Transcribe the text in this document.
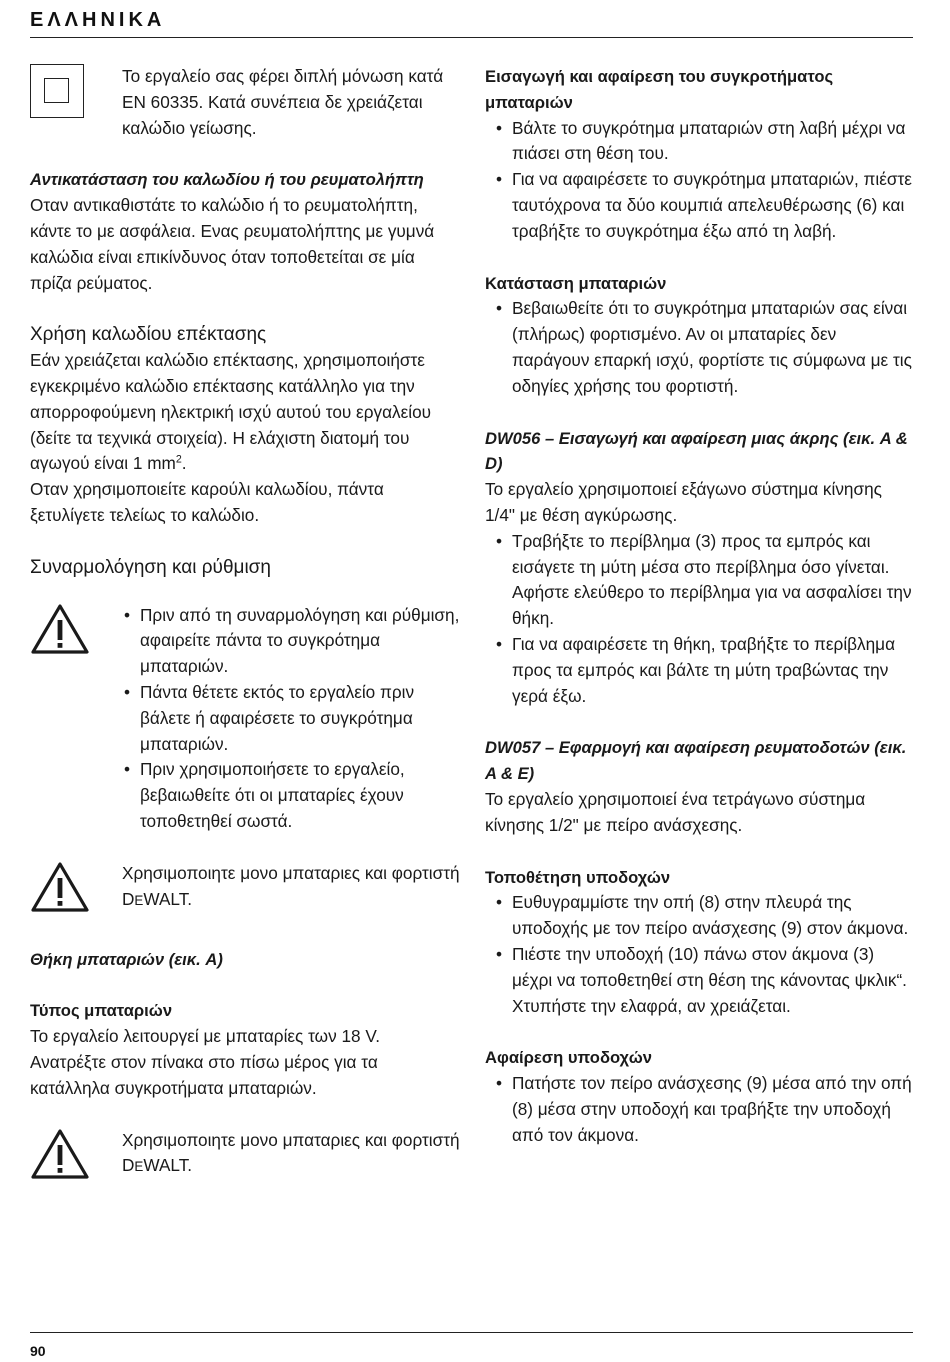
ΕΛΛΗΝΙΚΑ

Το εργαλείο σας φέρει διπλή μόνωση κατά EN 60335. Κατά συνέπεια δε χρειάζεται καλώδιο γείωσης.

Αντικατάσταση του καλωδίου ή του ρευματολήπτη

Οταν αντικαθιστάτε το καλώδιο ή το ρευματολήπτη, κάντε το με ασφάλεια. Ενας ρευματολήπτης με γυμνά καλώδια είναι επικίνδυνος όταν τοποθετείται σε μία πρίζα ρεύματος.

Χρήση καλωδίου επέκτασης

Εάν χρειάζεται καλώδιο επέκτασης, χρησιμοποιήστε εγκεκριμένο καλώδιο επέκτασης κατάλληλο για την απορροφούμενη ηλεκτρική ισχύ αυτού του εργαλείου (δείτε τα τεχνικά στοιχεία). Η ελάχιστη διατομή του αγωγού είναι 1 $mm^2$.

Οταν χρησιμοποιείτε καρούλι καλωδίου, πάντα ξετυλίγετε τελείως το καλώδιο.

Συναρμολόγηση και ρύθμιση

• Πριν από τη συναρμολόγηση και ρύθμιση, αφαιρείτε πάντα το συγκρότημα μπαταριών.
• Πάντα θέτετε εκτός το εργαλείο πριν βάλετε ή αφαιρέσετε το συγκρότημα μπαταριών.
• Πριν χρησιμοποιήσετε το εργαλείο, βεβαιωθείτε ότι οι μπαταρίες έχουν τοποθετηθεί σωστά.

Χρησιμοποιητε μονο μπαταριες και φορτιστή DEWALT.

Θήκη μπαταριών (εικ. A)

Τύπος μπαταριών

Το εργαλείο λειτουργεί με μπαταρίες των 18 V. Ανατρέξτε στον πίνακα στο πίσω μέρος για τα κατάλληλα συγκροτήματα μπαταριών.

Χρησιμοποιητε μονο μπαταριες και φορτιστή DEWALT.

Εισαγωγή και αφαίρεση του συγκροτήματος μπαταριών

• Βάλτε το συγκρότημα μπαταριών στη λαβή μέχρι να πιάσει στη θέση του.
• Για να αφαιρέσετε το συγκρότημα μπαταριών, πιέστε ταυτόχρονα τα δύο κουμπιά απελευθέρωσης (6) και τραβήξτε το συγκρότημα έξω από τη λαβή.

Κατάσταση μπαταριών

• Βεβαιωθείτε ότι το συγκρότημα μπαταριών σας είναι (πλήρως) φορτισμένο. Αν οι μπαταρίες δεν παράγουν επαρκή ισχύ, φορτίστε τις σύμφωνα με τις οδηγίες χρήσης του φορτιστή.

DW056 – Εισαγωγή και αφαίρεση μιας άκρης (εικ. A & D)

Το εργαλείο χρησιμοποιεί εξάγωνο σύστημα κίνησης 1/4" με θέση αγκύρωσης.

• Τραβήξτε το περίβλημα (3) προς τα εμπρός και εισάγετε τη μύτη μέσα στο περίβλημα όσο γίνεται. Αφήστε ελεύθερο το περίβλημα για να ασφαλίσει την θήκη.
• Για να αφαιρέσετε τη θήκη, τραβήξτε το περίβλημα προς τα εμπρός και βάλτε τη μύτη τραβώντας την γερά έξω.

DW057 – Εφαρμογή και αφαίρεση ρευματοδοτών (εικ. A & E)

Το εργαλείο χρησιμοποιεί ένα τετράγωνο σύστημα κίνησης 1/2" με πείρο ανάσχεσης.

Τοποθέτηση υποδοχών

• Ευθυγραμμίστε την οπή (8) στην πλευρά της υποδοχής με τον πείρο ανάσχεσης (9) στον άκμονα.
• Πιέστε την υποδοχή (10) πάνω στον άκμονα (3) μέχρι να τοποθετηθεί στη θέση της κάνοντας ψκλικ“. Χτυπήστε την ελαφρά, αν χρειάζεται.

Αφαίρεση υποδοχών

• Πατήστε τον πείρο ανάσχεσης (9) μέσα από την οπή (8) μέσα στην υποδοχή και τραβήξτε την υποδοχή από τον άκμονα.
90
